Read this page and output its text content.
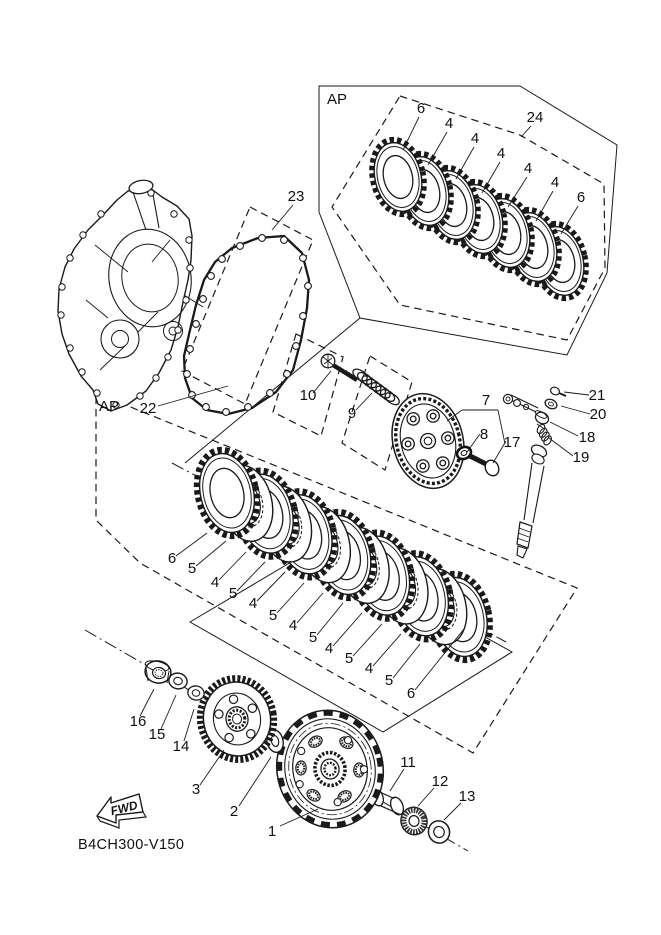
AP
6
4
4
4
4
4
6
24
23
22
AP
10
9
7
8 17
21
20
18
19
6
5
4
5
4
5
4
5
4
5
4
5
6
16
15
14
3
2
1
11
12
13
FWD
B4CH300-V150
